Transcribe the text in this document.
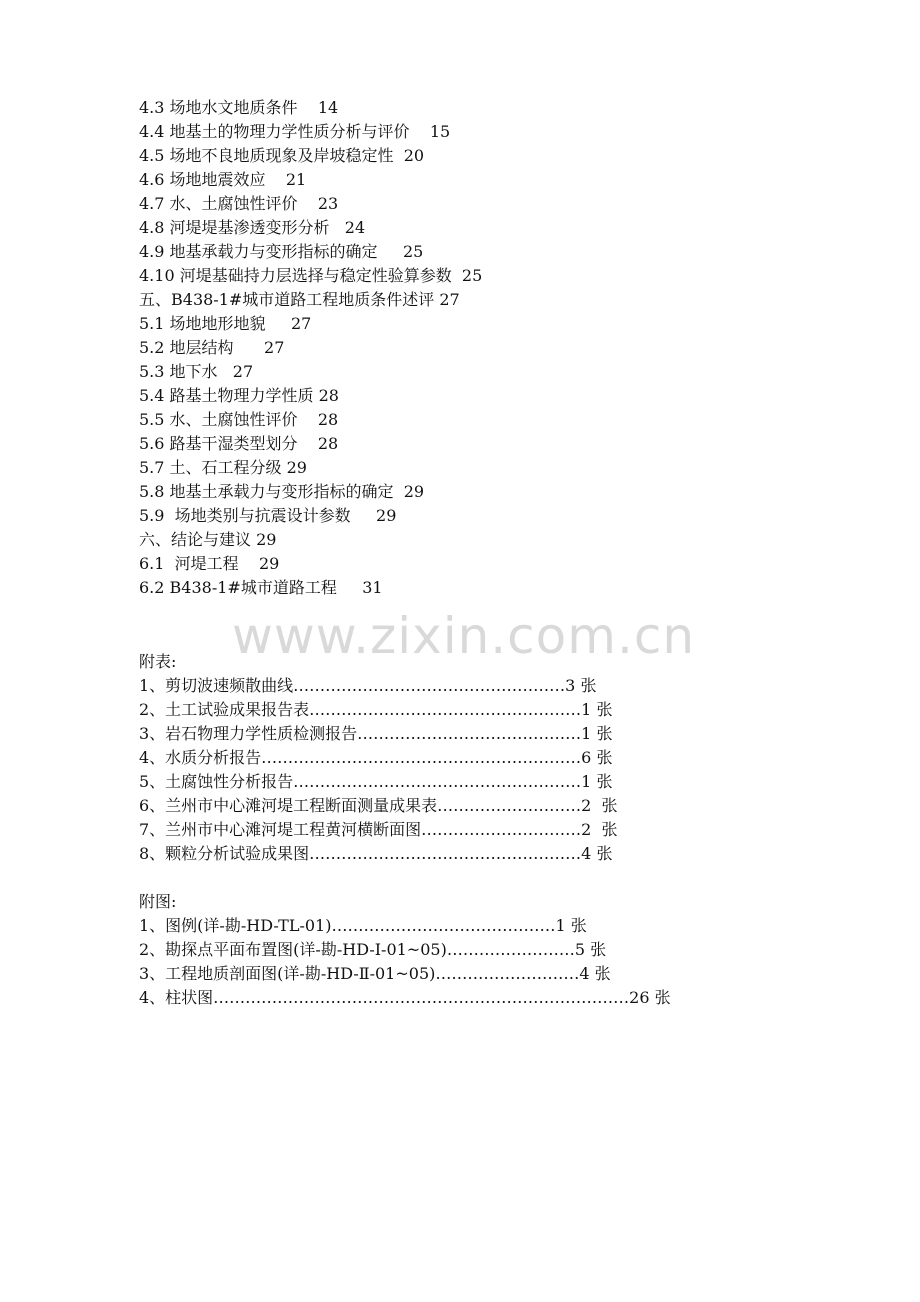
4.3 场地水文地质条件    14
4.4 地基土的物理力学性质分析与评价    15
4.5 场地不良地质现象及岸坡稳定性  20
4.6 场地地震效应    21
4.7 水、土腐蚀性评价    23
4.8 河堤堤基渗透变形分析   24
4.9 地基承载力与变形指标的确定     25
4.10 河堤基础持力层选择与稳定性验算参数  25
五、B438-1#城市道路工程地质条件述评 27
5.1 场地地形地貌     27
5.2 地层结构      27
5.3 地下水   27
5.4 路基土物理力学性质 28
5.5 水、土腐蚀性评价    28
5.6 路基干湿类型划分    28
5.7 土、石工程分级 29
5.8 地基土承载力与变形指标的确定  29
5.9  场地类别与抗震设计参数     29
六、结论与建议 29
6.1  河堤工程    29
6.2 B438-1#城市道路工程     31
www.zixin.com.cn
附表:
1、剪切波速频散曲线……………………………………………3 张
2、土工试验成果报告表……………………………………………1 张
3、岩石物理力学性质检测报告……………………………………1 张
4、水质分析报告……………………………………………………6 张
5、土腐蚀性分析报告………………………………………………1 张
6、兰州市中心滩河堤工程断面测量成果表………………………2  张
7、兰州市中心滩河堤工程黄河横断面图…………………………2  张
8、颗粒分析试验成果图……………………………………………4 张
附图:
1、图例(详-勘-HD-TL-01)……………………………………1 张
2、勘探点平面布置图(详-勘-HD-Ⅰ-01~05)……………………5 张
3、工程地质剖面图(详-勘-HD-Ⅱ-01~05)………………………4 张
4、柱状图……………………………………………………………………26 张
